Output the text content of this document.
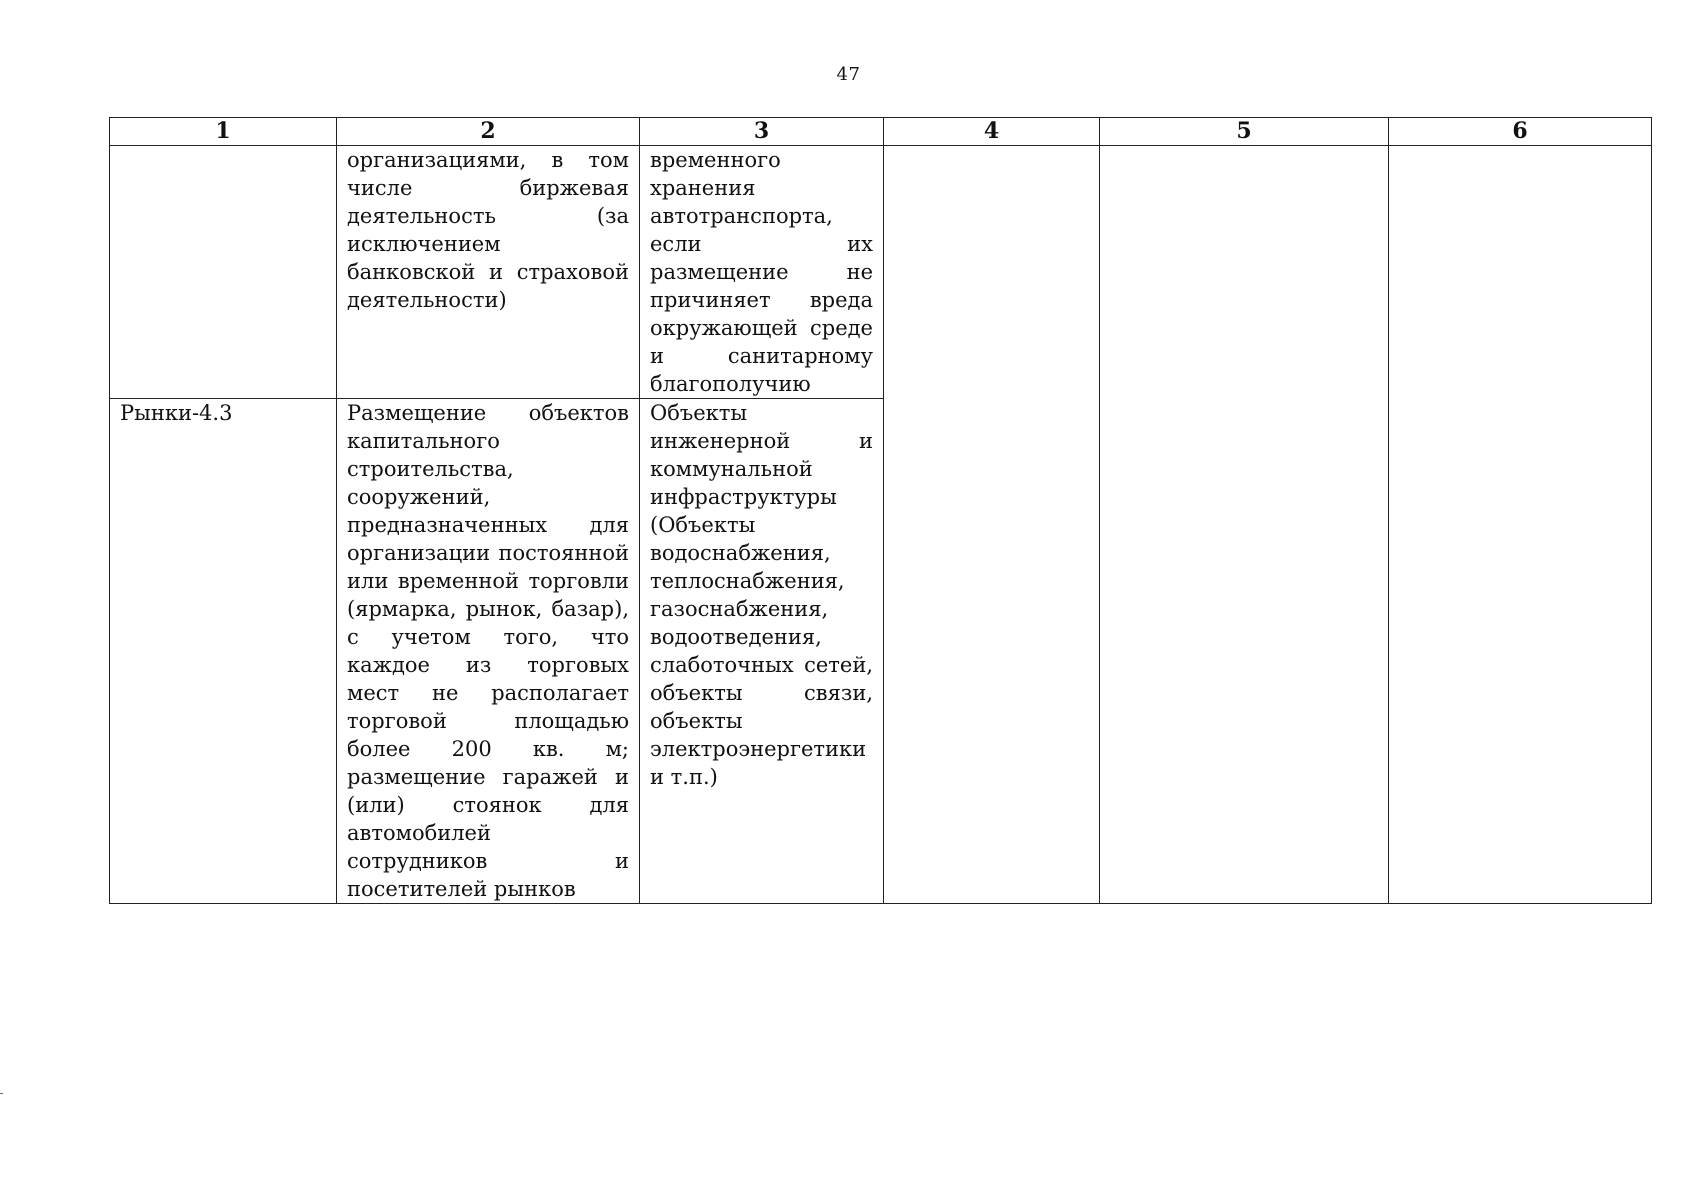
47
1	2	3	4	5	6

	организациями, в том числе биржевая деятельность (за исключением банковской и страховой деятельности)	временного хранения автотранспорта, если их размещение не причиняет вреда окружающей среде и санитарному благополучию			

Рынки-4.3	Размещение объектов капитального строительства, сооружений, предназначенных для организации постоянной или временной торговли (ярмарка, рынок, базар), с учетом того, что каждое из торговых мест не располагает торговой площадью более 200 кв. м; размещение гаражей и (или) стоянок для автомобилей сотрудников и посетителей рынков	Объекты инженерной и коммунальной инфраструктуры (Объекты водоснабжения, теплоснабжения, газоснабжения, водоотведения, слаботочных сетей, объекты связи, объекты электроэнергетики и т.п.)			
